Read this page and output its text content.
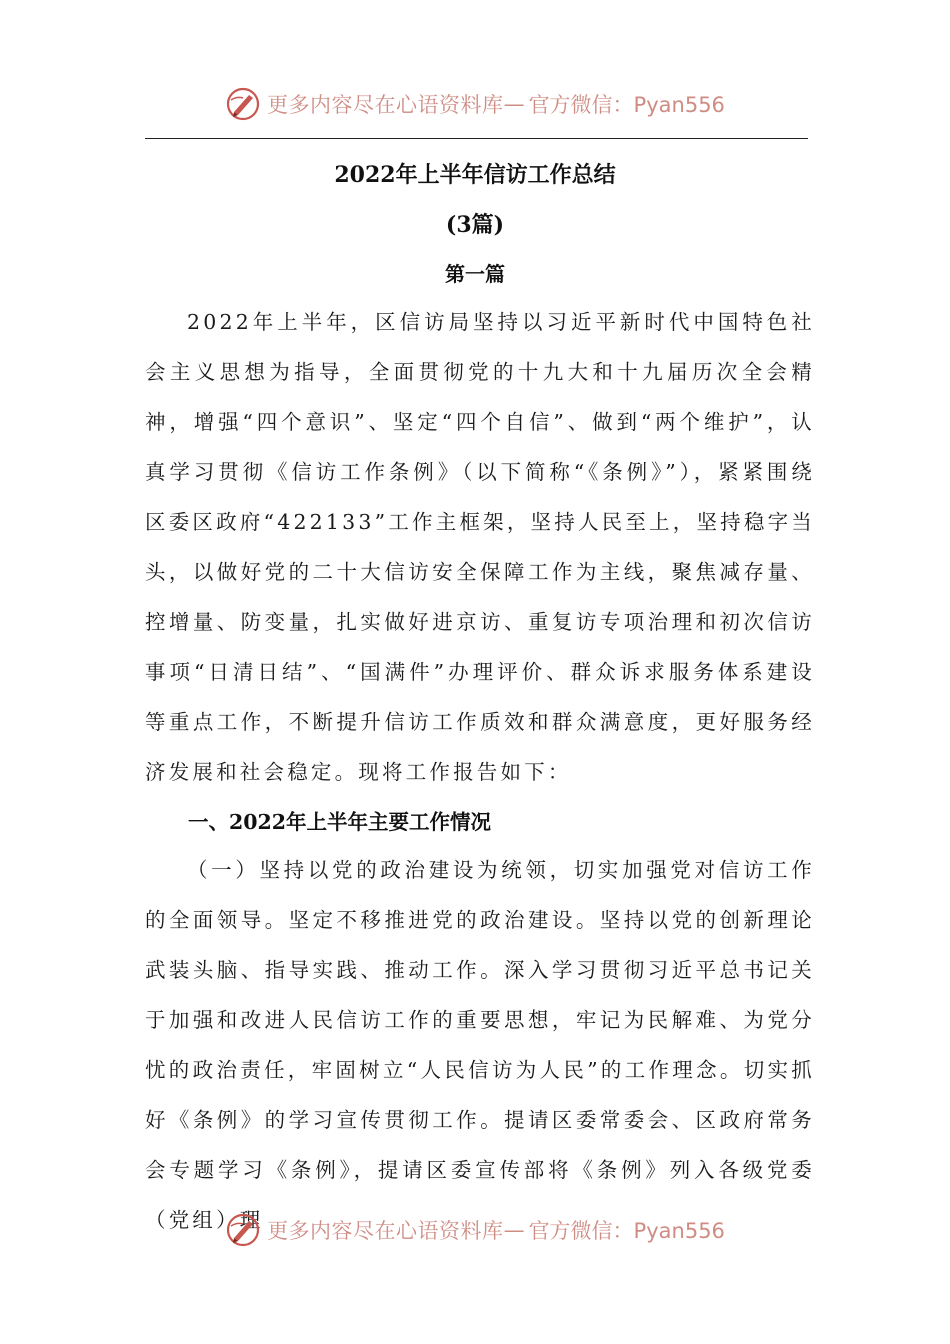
更多内容尽在心语资料库 — 官方微信：Pyan556
2022年上半年信访工作总结
(3篇)
第一篇
2022年上半年，区信访局坚持以习近平新时代中国特色社会主义思想为指导，全面贯彻党的十九大和十九届历次全会精神，增强“四个意识”、坚定“四个自信”、做到“两个维护”，认真学习贯彻《信访工作条例》（以下简称“《条例》”），紧紧围绕区委区政府“422133”工作主框架，坚持人民至上，坚持稳字当头，以做好党的二十大信访安全保障工作为主线，聚焦减存量、控增量、防变量，扎实做好进京访、重复访专项治理和初次信访事项“日清日结”、“国满件”办理评价、群众诉求服务体系建设等重点工作，不断提升信访工作质效和群众满意度，更好服务经济发展和社会稳定。现将工作报告如下：
一、2022年上半年主要工作情况
（一）坚持以党的政治建设为统领，切实加强党对信访工作的全面领导。坚定不移推进党的政治建设。坚持以党的创新理论武装头脑、指导实践、推动工作。深入学习贯彻习近平总书记关于加强和改进人民信访工作的重要思想，牢记为民解难、为党分忧的政治责任，牢固树立“人民信访为人民”的工作理念。切实抓好《条例》的学习宣传贯彻工作。提请区委常委会、区政府常务会专题学习《条例》，提请区委宣传部将《条例》列入各级党委（党组）理 更多内容尽在心语资料库 — 官方微信：Pyan556
